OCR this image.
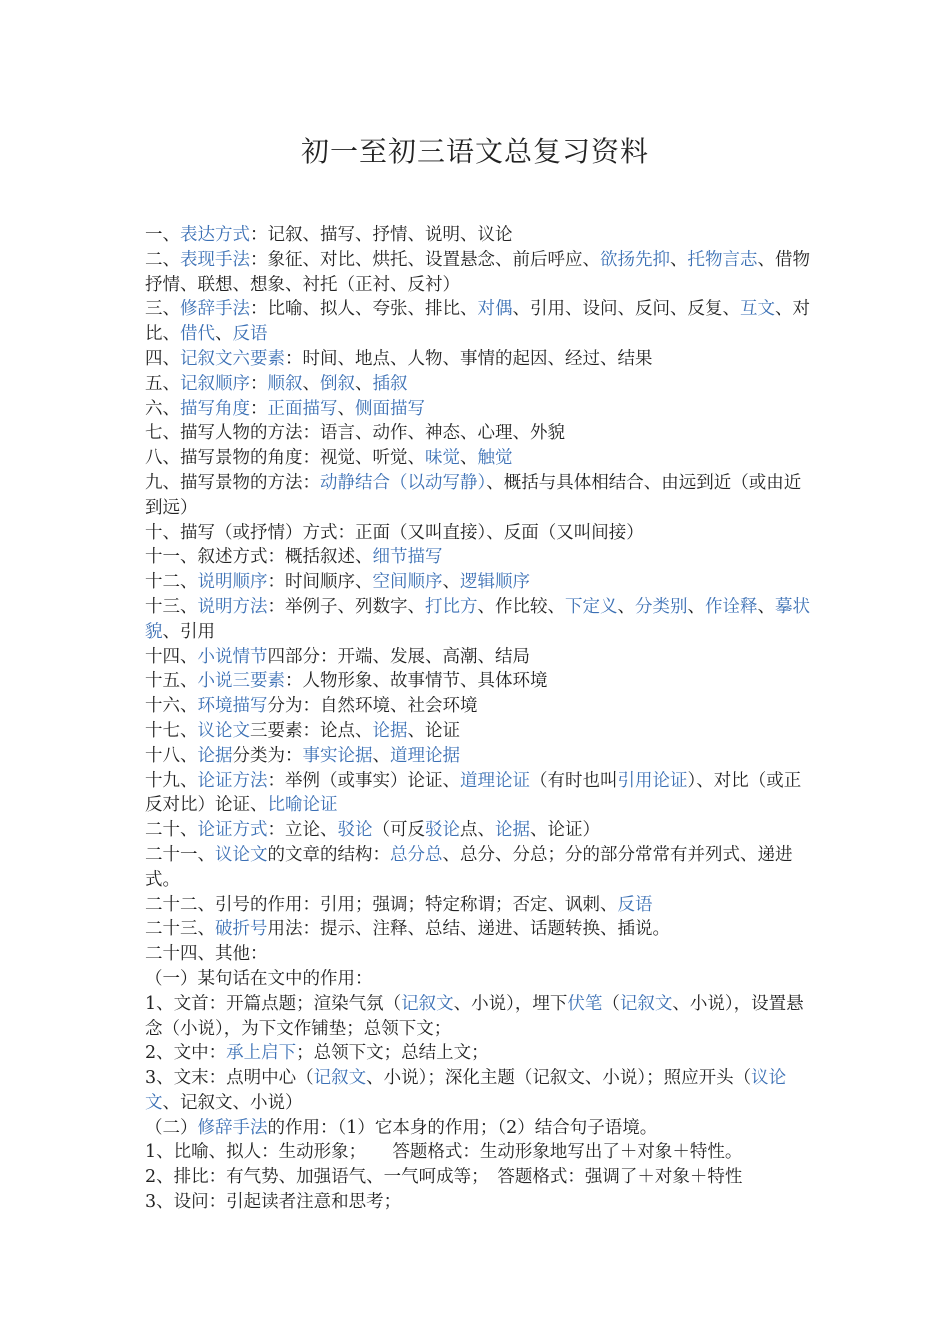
初一至初三语文总复习资料
一、表达方式：记叙、描写、抒情、说明、议论
二、表现手法：象征、对比、烘托、设置悬念、前后呼应、欲扬先抑、托物言志、借物抒情、联想、想象、衬托（正衬、反衬）
三、修辞手法：比喻、拟人、夸张、排比、对偶、引用、设问、反问、反复、互文、对比、借代、反语
四、记叙文六要素：时间、地点、人物、事情的起因、经过、结果
五、记叙顺序：顺叙、倒叙、插叙
六、描写角度：正面描写、侧面描写
七、描写人物的方法：语言、动作、神态、心理、外貌
八、描写景物的角度：视觉、听觉、味觉、触觉
九、描写景物的方法：动静结合（以动写静）、概括与具体相结合、由远到近（或由近到远）
十、描写（或抒情）方式：正面（又叫直接）、反面（又叫间接）
十一、叙述方式：概括叙述、细节描写
十二、说明顺序：时间顺序、空间顺序、逻辑顺序
十三、说明方法：举例子、列数字、打比方、作比较、下定义、分类别、作诠释、摹状貌、引用
十四、小说情节四部分：开端、发展、高潮、结局
十五、小说三要素：人物形象、故事情节、具体环境
十六、环境描写分为：自然环境、社会环境
十七、议论文三要素：论点、论据、论证
十八、论据分类为：事实论据、道理论据
十九、论证方法：举例（或事实）论证、道理论证（有时也叫引用论证）、对比（或正反对比）论证、比喻论证
二十、论证方式：立论、驳论（可反驳论点、论据、论证）
二十一、议论文的文章的结构：总分总、总分、分总；分的部分常常有并列式、递进式。
二十二、引号的作用：引用；强调；特定称谓；否定、讽刺、反语
二十三、破折号用法：提示、注释、总结、递进、话题转换、插说。
二十四、其他：
（一）某句话在文中的作用：
1、文首：开篇点题；渲染气氛（记叙文、小说），埋下伏笔（记叙文、小说），设置悬念（小说），为下文作铺垫；总领下文；
2、文中：承上启下；总领下文；总结上文；
3、文末：点明中心（记叙文、小说）；深化主题（记叙文、小说）；照应开头（议论文、记叙文、小说）
（二）修辞手法的作用：（1）它本身的作用；（2）结合句子语境。
1、比喻、拟人：生动形象；　　答题格式：生动形象地写出了＋对象＋特性。
2、排比：有气势、加强语气、一气呵成等；　答题格式：强调了＋对象＋特性
3、设问：引起读者注意和思考；
